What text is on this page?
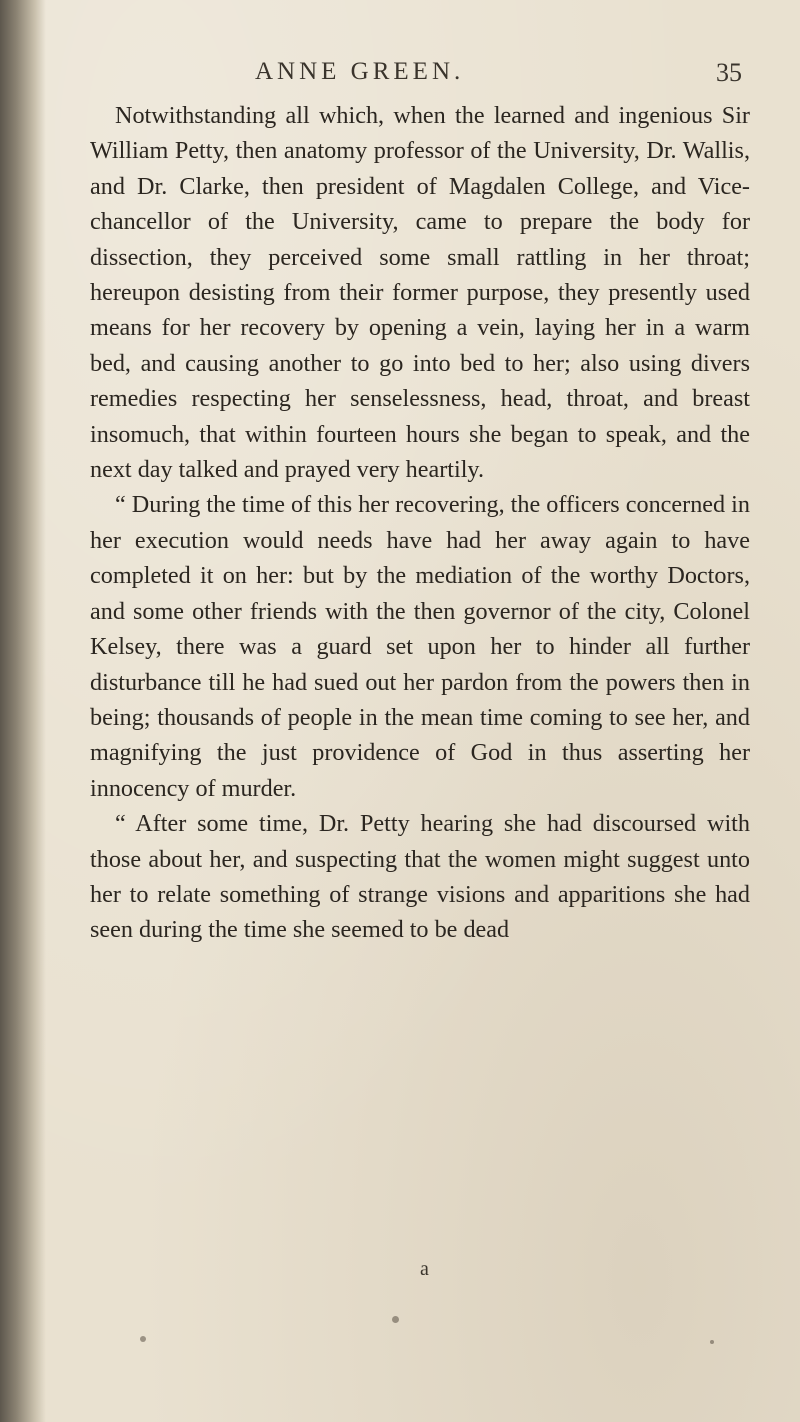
ANNE GREEN.	35

Notwithstanding all which, when the learned and ingenious Sir William Petty, then anatomy professor of the University, Dr. Wallis, and Dr. Clarke, then president of Magdalen College, and Vice-chancellor of the University, came to prepare the body for dissection, they perceived some small rattling in her throat; hereupon desisting from their former purpose, they presently used means for her recovery by opening a vein, laying her in a warm bed, and causing another to go into bed to her; also using divers remedies respecting her senselessness, head, throat, and breast insomuch, that within fourteen hours she began to speak, and the next day talked and prayed very heartily.

“ During the time of this her recovering, the officers concerned in her execution would needs have had her away again to have completed it on her: but by the mediation of the worthy Doctors, and some other friends with the then governor of the city, Colonel Kelsey, there was a guard set upon her to hinder all further disturbance till he had sued out her pardon from the powers then in being; thousands of people in the mean time coming to see her, and magnifying the just providence of God in thus asserting her innocency of murder.

“ After some time, Dr. Petty hearing she had discoursed with those about her, and suspecting that the women might suggest unto her to relate something of strange visions and apparitions she had seen during the time she seemed to be dead

a
